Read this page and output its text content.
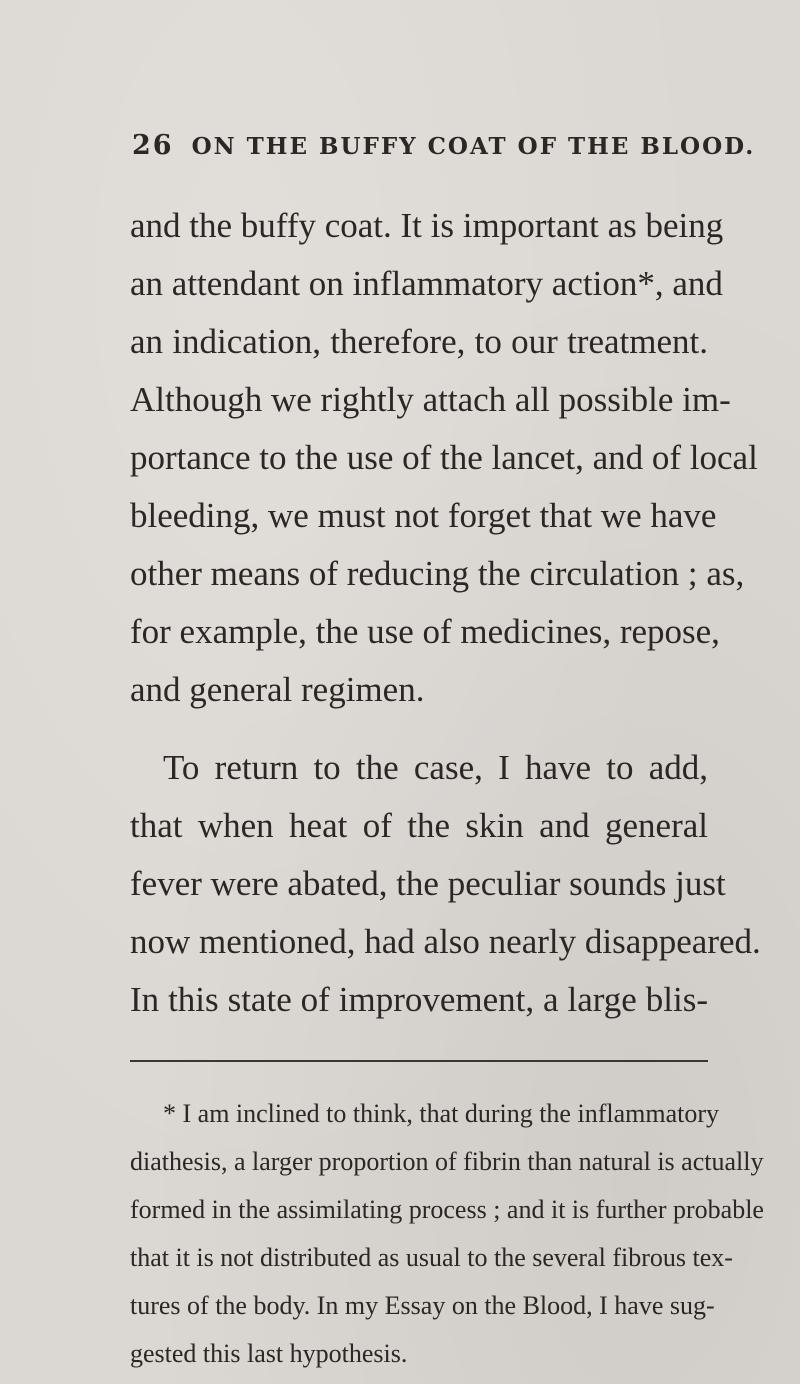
26 ON THE BUFFY COAT OF THE BLOOD.
and the buffy coat. It is important as being
an attendant on inflammatory action*, and
an indication, therefore, to our treatment.
Although we rightly attach all possible im-
portance to the use of the lancet, and of local
bleeding, we must not forget that we have
other means of reducing the circulation ; as,
for example, the use of medicines, repose,
and general regimen.
To return to the case, I have to add,
that when heat of the skin and general
fever were abated, the peculiar sounds just
now mentioned, had also nearly disappeared.
In this state of improvement, a large blis-
* I am inclined to think, that during the inflammatory
diathesis, a larger proportion of fibrin than natural is actually
formed in the assimilating process ; and it is further probable
that it is not distributed as usual to the several fibrous tex-
tures of the body. In my Essay on the Blood, I have sug-
gested this last hypothesis.
